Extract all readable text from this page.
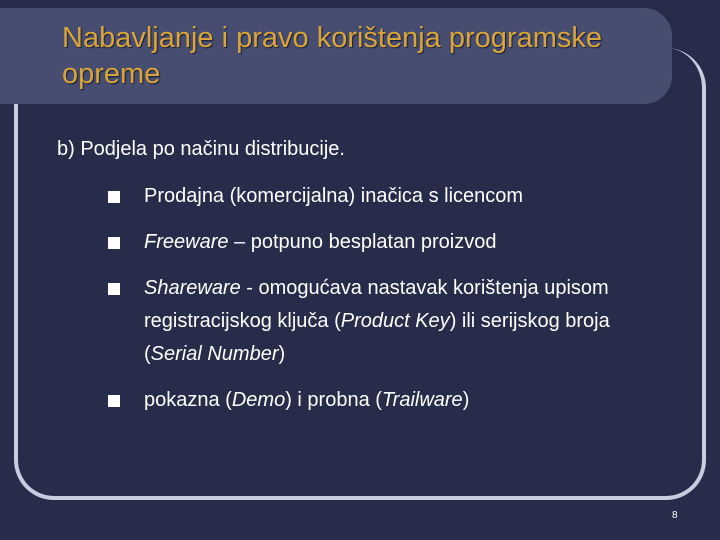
Nabavljanje i pravo korištenja programske opreme
b) Podjela po načinu distribucije.
Prodajna (komercijalna) inačica s licencom
Freeware – potpuno besplatan proizvod
Shareware - omogućava nastavak korištenja upisom registracijskog ključa (Product Key) ili serijskog broja (Serial Number)
pokazna (Demo) i probna (Trailware)
8
